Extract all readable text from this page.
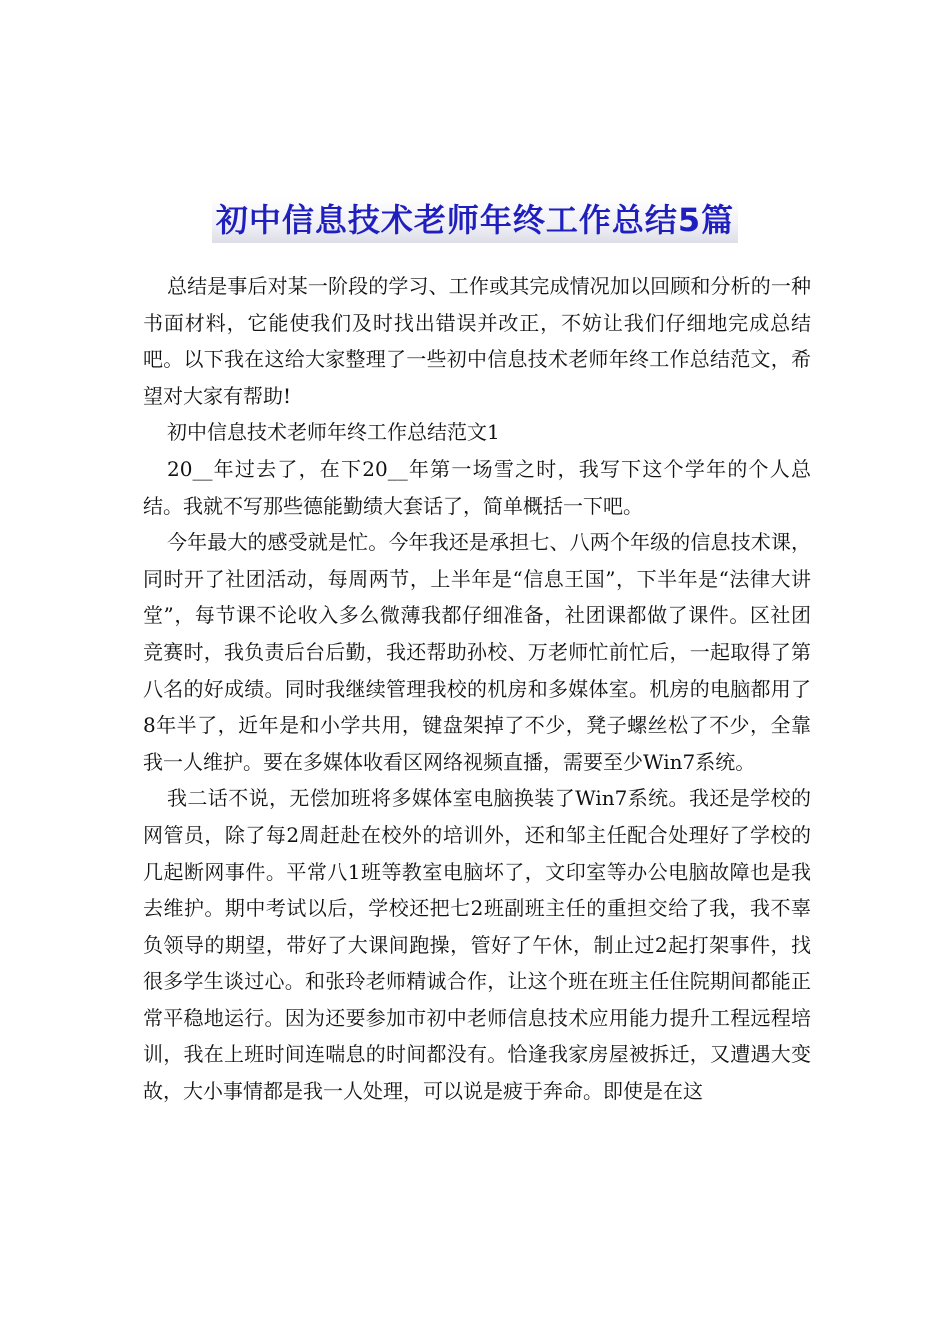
初中信息技术老师年终工作总结5篇

总结是事后对某一阶段的学习、工作或其完成情况加以回顾和分析的一种书面材料，它能使我们及时找出错误并改正，不妨让我们仔细地完成总结吧。以下我在这给大家整理了一些初中信息技术老师年终工作总结范文，希望对大家有帮助!

初中信息技术老师年终工作总结范文1

20__年过去了，在下20__年第一场雪之时，我写下这个学年的个人总结。我就不写那些德能勤绩大套话了，简单概括一下吧。

今年最大的感受就是忙。今年我还是承担七、八两个年级的信息技术课，同时开了社团活动，每周两节，上半年是“信息王国”，下半年是“法律大讲堂”，每节课不论收入多么微薄我都仔细准备，社团课都做了课件。区社团竞赛时，我负责后台后勤，我还帮助孙校、万老师忙前忙后，一起取得了第八名的好成绩。同时我继续管理我校的机房和多媒体室。机房的电脑都用了8年半了，近年是和小学共用，键盘架掉了不少，凳子螺丝松了不少，全靠我一人维护。要在多媒体收看区网络视频直播，需要至少Win7系统。

我二话不说，无偿加班将多媒体室电脑换装了Win7系统。我还是学校的网管员，除了每2周赶赴在校外的培训外，还和邹主任配合处理好了学校的几起断网事件。平常八1班等教室电脑坏了，文印室等办公电脑故障也是我去维护。期中考试以后，学校还把七2班副班主任的重担交给了我，我不辜负领导的期望，带好了大课间跑操，管好了午休，制止过2起打架事件，找很多学生谈过心。和张玲老师精诚合作，让这个班在班主任住院期间都能正常平稳地运行。因为还要参加市初中老师信息技术应用能力提升工程远程培训，我在上班时间连喘息的时间都没有。恰逢我家房屋被拆迁，又遭遇大变故，大小事情都是我一人处理，可以说是疲于奔命。即使是在这
